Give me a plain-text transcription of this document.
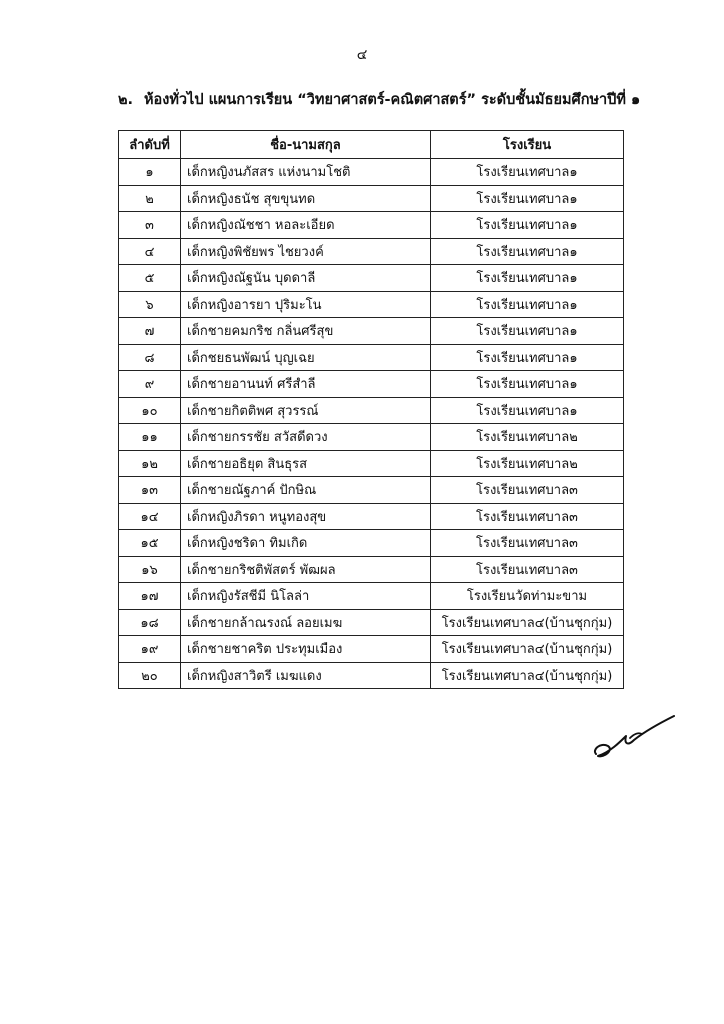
๔
๒. ห้องทั่วไป แผนการเรียน “วิทยาศาสตร์-คณิตศาสตร์” ระดับชั้นมัธยมศึกษาปีที่ ๑
ลำดับที่	ชื่อ-นามสกุล	โรงเรียน
๑	เด็กหญิงนภัสสร แห่งนามโชติ	โรงเรียนเทศบาล๑
๒	เด็กหญิงธนัช สุขขุนทด	โรงเรียนเทศบาล๑
๓	เด็กหญิงณัชชา หอละเอียด	โรงเรียนเทศบาล๑
๔	เด็กหญิงพิชัยพร ไชยวงค์	โรงเรียนเทศบาล๑
๕	เด็กหญิงณัฐนัน บุดดาลี	โรงเรียนเทศบาล๑
๖	เด็กหญิงอารยา ปุริมะโน	โรงเรียนเทศบาล๑
๗	เด็กชายคมกริช กลิ่นศรีสุข	โรงเรียนเทศบาล๑
๘	เด็กชยธนพัฒน์ บุญเฉย	โรงเรียนเทศบาล๑
๙	เด็กชายอานนท์ ศรีสำลี	โรงเรียนเทศบาล๑
๑๐	เด็กชายกิตติพศ สุวรรณ์	โรงเรียนเทศบาล๑
๑๑	เด็กชายกรรชัย สวัสดีดวง	โรงเรียนเทศบาล๒
๑๒	เด็กชายอธิยุต สินธุรส	โรงเรียนเทศบาล๒
๑๓	เด็กชายณัฐภาค์ ปักษิณ	โรงเรียนเทศบาล๓
๑๔	เด็กหญิงภิรดา หนูทองสุข	โรงเรียนเทศบาล๓
๑๕	เด็กหญิงชริดา ทิมเกิด	โรงเรียนเทศบาล๓
๑๖	เด็กชายกริชติพัสตร์ พัฒผล	โรงเรียนเทศบาล๓
๑๗	เด็กหญิงรัสชีมี นิโลล่า	โรงเรียนวัดท่ามะขาม
๑๘	เด็กชายกล้าณรงณ์ ลอยเมฆ	โรงเรียนเทศบาล๔(บ้านชุกกุ่ม)
๑๙	เด็กชายชาคริต ประทุมเมือง	โรงเรียนเทศบาล๔(บ้านชุกกุ่ม)
๒๐	เด็กหญิงสาวิตรี เมฆแดง	โรงเรียนเทศบาล๔(บ้านชุกกุ่ม)
